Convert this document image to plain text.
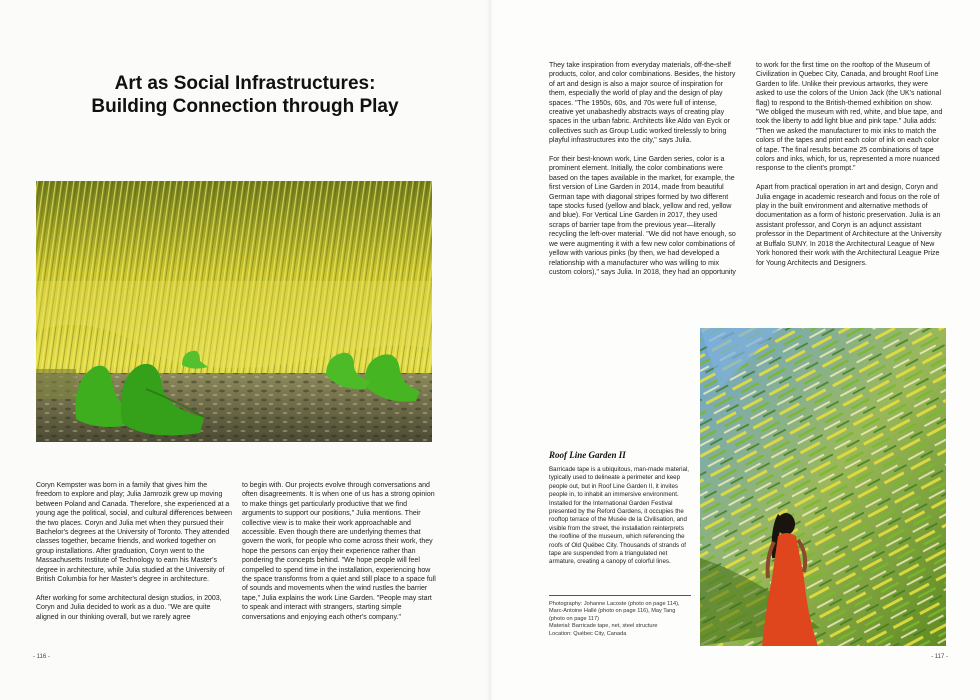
Art as Social Infrastructures:
Building Connection through Play

Coryn Kempster was born in a family that gives him the freedom to explore and play; Julia Jamrozik grew up moving between Poland and Canada. Therefore, she experienced at a young age the political, social, and cultural differences between the two places. Coryn and Julia met when they pursued their Bachelor's degrees at the University of Toronto. They attended classes together, became friends, and worked together on group installations. After graduation, Coryn went to the Massachusetts Institute of Technology to earn his Master's degree in architecture, while Julia studied at the University of British Columbia for her Master's degree in architecture.

After working for some architectural design studios, in 2003, Coryn and Julia decided to work as a duo. "We are quite aligned in our thinking overall, but we rarely agree

to begin with. Our projects evolve through conversations and often disagreements. It is when one of us has a strong opinion to make things get particularly productive that we find arguments to support our positions," Julia mentions. Their collective view is to make their work approachable and accessible. Even though there are underlying themes that govern the work, for people who come across their work, they hope the persons can enjoy their experience rather than pondering the concepts behind. "We hope people will feel compelled to spend time in the installation, experiencing how the space transforms from a quiet and still place to a space full of sounds and movements when the wind rustles the barrier tape," Julia explains the work Line Garden. "People may start to speak and interact with strangers, starting simple conversations and enjoying each other's company."

They take inspiration from everyday materials, off-the-shelf products, color, and color combinations. Besides, the history of art and design is also a major source of inspiration for them, especially the world of play and the design of play spaces. "The 1950s, 60s, and 70s were full of intense, creative yet unabashedly abstracts ways of creating play spaces in the urban fabric. Architects like Aldo van Eyck or collectives such as Group Ludic worked tirelessly to bring playful infrastructures into the city," says Julia.

For their best-known work, Line Garden series, color is a prominent element. Initially, the color combinations were based on the tapes available in the market, for example, the first version of Line Garden in 2014, made from beautiful German tape with diagonal stripes formed by two different tape stocks fused (yellow and black, yellow and red, yellow and blue). For Vertical Line Garden in 2017, they used scraps of barrier tape from the previous year—literally recycling the left-over material. "We did not have enough, so we were augmenting it with a few new color combinations of yellow with various pinks (by then, we had developed a relationship with a manufacturer who was willing to mix custom colors)," says Julia. In 2018, they had an opportunity

to work for the first time on the rooftop of the Museum of Civilization in Quebec City, Canada, and brought Roof Line Garden to life. Unlike their previous artworks, they were asked to use the colors of the Union Jack (the UK's national flag) to respond to the British-themed exhibition on show. "We obliged the museum with red, white, and blue tape, and took the liberty to add light blue and pink tape." Julia adds: "Then we asked the manufacturer to mix inks to match the colors of the tapes and print each color of ink on each color of tape. The final results became 25 combinations of tape colors and inks, which, for us, represented a more nuanced response to the client's prompt."

Apart from practical operation in art and design, Coryn and Julia engage in academic research and focus on the role of play in the built environment and alternative methods of documentation as a form of historic preservation. Julia is an assistant professor, and Coryn is an adjunct assistant professor in the Department of Architecture at the University at Buffalo SUNY. In 2018 the Architectural League of New York honored their work with the Architectural League Prize for Young Architects and Designers.

Roof Line Garden II

Barricade tape is a ubiquitous, man-made material, typically used to delineate a perimeter and keep people out, but in Roof Line Garden II, it invites people in, to inhabit an immersive environment. Installed for the International Garden Festival presented by the Reford Gardens, it occupies the rooftop terrace of the Musée de la Civilisation, and visible from the street, the installation reinterprets the roofline of the museum, which referencing the roofs of Old Québec City. Thousands of strands of tape are suspended from a triangulated net armature, creating a canopy of colorful lines.

Photography: Johanne Lacoste (photo on page 114), Marc-Antoine Hallé (photo on page 116), May Tang (photo on page 117)
Material: Barricade tape, net, steel structure
Location: Québec City, Canada

- 116 -	- 117 -
